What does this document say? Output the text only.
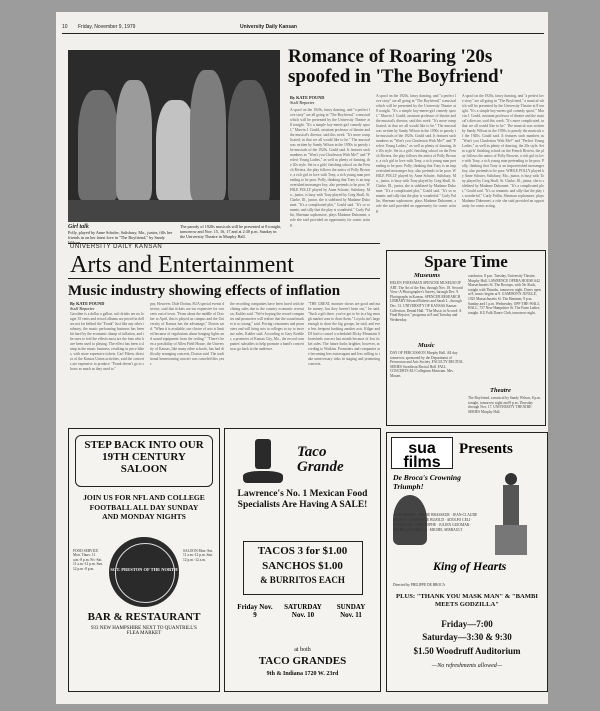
10 Friday, November 9, 1979	University Daily Kansan
Girl talk
Polly, played by Anne Schuler, Salisbury, Mo., junior, fills her friends in on her latest love in "The Boyfriend," by Sandy
The parody of 1920s musicals will be presented at 8 tonight, tomorrow and Nov. 15, 16, 17 and at 2:30 p.m. Sunday in the University Theatre in Murphy Hall.
Romance of Roaring '20s spoofed in 'The Boyfriend'
By KATE POUND
Staff Reporter
A spoof on the 1920s, fancy dancing, and "a perfect love story" are all going in "The Boyfriend," a musical which will be presented by the University Theatre at 8 tonight. "It's a simple boy-meets-girl comedy spoof," Marvin J. Gould, assistant professor of theatre and the musical's director, said this week. "It's more complicated, in that we all would like to be." The musical was written by Sandy Wilson in the 1950s to parody the musicals of the 1920s. Gould said. It features such numbers as "Won't you Charleston With Me?" and "Perfect Young Ladies," as well as plenty of dancing, the 20s style. Set in a girls' finishing school on the French Riviera, the play follows the antics of Polly Browne, a rich girl in love with Tony, a rich young man pretending to be poor. Polly, thinking that Tony is an impoverished messenger boy, also pretends to be poor. WHILE POLLY played by Anne Schuter, Salisbury, Mo., junior, is busy with Tony played by Greg Shull, St. Clarke, Ill., junior, she is sidelined by Madame Dubonnet. "It's a complicated plot," Gould said. "It's so romantic and silly that the play is wonderful." Curly Pullin, Sherman sophomore, plays Madame Dubonnet, a role she said provided an opportunity for comic acting.
A spoof on the 1920s, fancy dancing, and "a perfect love story" are all going in "The Boyfriend," a musical which will be presented by the University Theatre at 8 tonight. "It's a simple boy-meets-girl comedy spoof," Marvin J. Gould, assistant professor of theatre and the musical's director, said this week. "It's more complicated, in that we all would like to be." The musical was written by Sandy Wilson in the 1950s to parody the musicals of the 1920s. Gould said. It features such numbers as "Won't you Charleston With Me?" and "Perfect Young Ladies," as well as plenty of dancing, the 20s style. Set in a girls' finishing school on the French Riviera, the play follows the antics of Polly Browne, a rich girl in love with Tony, a rich young man pretending to be poor. Polly, thinking that Tony is an impoverished messenger boy, also pretends to be poor. WHILE POLLY played by Anne Schuter, Salisbury, Mo., junior, is busy with Tony played by Greg Shull, St. Clarke, Ill., junior, she is sidelined by Madame Dubonnet. "It's a complicated plot," Gould said. "It's so romantic and silly that the play is wonderful." Curly Pullin, Sherman sophomore, plays Madame Dubonnet, a role she said provided an opportunity for comic acting.
A spoof on the 1920s, fancy dancing, and "a perfect love story" are all going in "The Boyfriend," a musical which will be presented by the University Theatre at 8 tonight. "It's a simple boy-meets-girl comedy spoof," Marvin J. Gould, assistant professor of theatre and the musical's director, said this week. "It's more complicated, in that we all would like to be." The musical was written by Sandy Wilson in the 1950s to parody the musicals of the 1920s. Gould said. It features such numbers as "Won't you Charleston With Me?" and "Perfect Young Ladies," as well as plenty of dancing, the 20s style. Set in a girls' finishing school on the French Riviera, the play follows the antics of Polly Browne, a rich girl in love with Tony, a rich young man pretending to be poor. Polly, thinking that Tony is an impoverished messenger boy, also pretends to be poor. WHILE POLLY played by Anne Schuter, Salisbury, Mo., junior, is busy with Tony played by Greg Shull, St. Clarke, Ill., junior, she is sidelined by Madame Dubonnet. "It's a complicated plot," Gould said. "It's so romantic and silly that the play is wonderful." Curly Pullin, Sherman sophomore, plays Madame Dubonnet, a role she said provided an opportunity for comic acting.
UNIVERSITY DAILY KANSAN
Arts and Entertainment
Music industry showing effects of inflation
By KATE POUND
Staff Reporter
Gasoline is a dollar a gallon, soft drinks are no longer 35 cents and record albums are priced in dollars not far behind the "Frank" Just like any other industry, the music performing business has been hit hard by the economic slump of inflation, and the ones to feel the effects most are the fans who have been used to playing. The effect has been a slump in the music business, resulting in price hikes, with more expensive tickets. Carl Pilsen, director of the Kansas Union activities, said the concerts are expensive to produce. "Frank doesn't go to shows as much as they used to."
pay. However, Dale Dorian, SUA special events director, said that tickets are too expensive for concerts out of town. "From about the middle of October to April, this is played on campus and the University of Kansas has the advantage," Dorian said. "When it is available, our choice of acts is limited because of regulations about hanging lights and sound equipment from the ceiling." "There's been a possibility of Allen Field House, the University of Kansas, like many other schools, has had difficulty arranging concerts, Dorian said. The traditional homecoming concert was canceled this year.
the recording companies have been faced with declining sales due to the country economic recession, Kuhler said. "We're hoping the record companies and promoters will realize that the sound market is so strong," said. Pricing consumers and promoters and will bring acts to colleges to try to increase sales, Kuhler said. According to Gary Koehler, a promoter of Kansas City, Mo., the record companies' subsidies to help promote a band's concert now go back to the audience.
"THE GREAT, monster shows are good and make money, but they haven't been out," he said. "Such a gift there, you've got to be in a big enough market area to draw them." Loyola isn't large enough to draw the big groups, he said, and even less frequent booking another acts. Kilgar and DJ had to cancel a scheduled Dicky Mountain Shoresheds concert last month because of low ticket sales. The future looks brighter, however, according to Watkins. Promoters and companies are becoming less extravagant and less willing to take unnecessary risks in staging and promoting concerts.
Spare Time
Museums
HELEN FORESMAN SPENCER MUSEUM OF ART. The Art of the Fan, through Nov. 18. Second View: A Photographer's Survey, through Dec. 9. Photographs in Kansas. SPENCER RESEARCH LIBRARY Edward Roberts and Sarah L., through Dec. 31. UNIVERSITY OF KANSAS Kansas Collection. Dental Hall. "The Music in Accord: A Final Rejoice," programs at 8 and Tuesday and Wednesday.
Music
DAY OF PERCUSSION Murphy Hall. All day tomorrow, sponsored by the Department of Percussion and Arts Society. FACULTY RECITAL SERIES Swarthout Recital Hall. FALL CONCERTS KU Collegium Musicum. Mrs. Mozart.
conductor, 8 p.m. Tuesday, University Theatre, Murphy Hall. LAWRENCE OPERA HOUSE 642 Massachusetts St. The Boxtops, with No Slack, tonight with Thumbs, tomorrow night. Doors open at 8, music begins at 9. GAMMON'S JUNGLE, 1025 Massachusetts St. The Hammer, 9 p.m. Sunday and 1 p.m. Wednesday. OFF-THE-WALL HALL, 737 New Hampshire St. The Farm Ladies, tonight. KU Folk Dance Club, tomorrow night.
Theatre
The Boyfriend, a musical by Sandy Wilson, 8 p.m. tonight, tomorrow night and 8 p.m. Thursday through Nov. 17. UNIVERSITY THEATRE SERIES Murphy Hall.
STEP BACK INTO OUR 19TH CENTURY SALOON
JOIN US FOR NFL AND COLLEGE FOOTBALL ALL DAY SUNDAY AND MONDAY NIGHTS
SGT. PRESTON OF THE NORTH
BAR & RESTAURANT
933 NEW HAMPSHIRE NEXT TO QUANTRILL'S FLEA MARKET
FOOD SERVICE Mon. Thurs. 11 a.m.-8 p.m. Fri.-Sat. 11 a.m.-12 p.m. Sun. 12 p.m.-8 p.m.
SALOON Mon.-Sat. 11 a.m.-12 p.m. Sun. 12 p.m.-12 a.m.
Taco Grande
Lawrence's No. 1 Mexican Food Specialists Are Having A SALE!
TACOS 3 for $1.00
SANCHOS $1.00
& BURRITOS EACH
Friday Nov. 9
SATURDAY Nov. 10
SUNDAY Nov. 11
at both
TACO GRANDES
9th & Indiana 1720 W. 23rd
sua films
Presents
De Broca's Crowning Triumph!
King of Hearts
ALAN BATES · PIERRE BRASSEUR · JEAN-CLAUDE BRIALY · GENEVIEVE BUJOLD · ADOLFO CELI · FRANCOISE CHRISTOPHE · JULIEN GUIOMAR · MICHELINE PRESLE · MICHEL SERRAULT
Directed by PHILIPPE DE BROCA
PLUS: "THANK YOU MASK MAN" & "BAMBI MEETS GODZILLA"
Friday—7:00
Saturday—3:30 & 9:30
$1.50 Woodruff Auditorium
—No refreshments allowed—
